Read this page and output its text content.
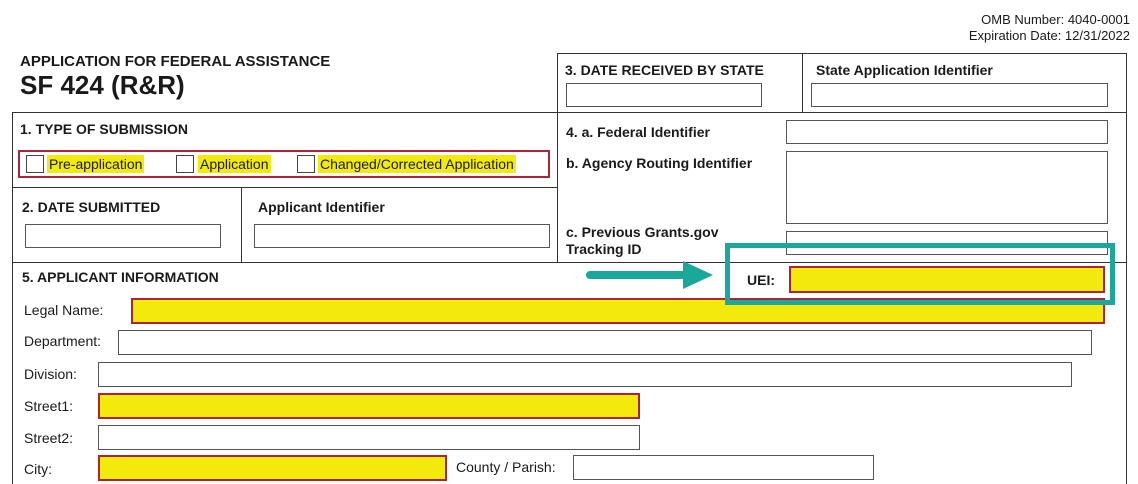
OMB Number: 4040-0001
Expiration Date: 12/31/2022
APPLICATION FOR FEDERAL ASSISTANCE
SF 424 (R&R)	3. DATE RECEIVED BY STATE	State Application Identifier
1. TYPE OF SUBMISSION
Pre-application	Application	Changed/Corrected Application
2. DATE SUBMITTED	Applicant Identifier
4. a. Federal Identifier
b. Agency Routing Identifier
c. Previous Grants.gov
Tracking ID
5. APPLICANT INFORMATION
Legal Name:
Department:
Division:
Street1:
Street2:
City:	County / Parish:
UEI:
